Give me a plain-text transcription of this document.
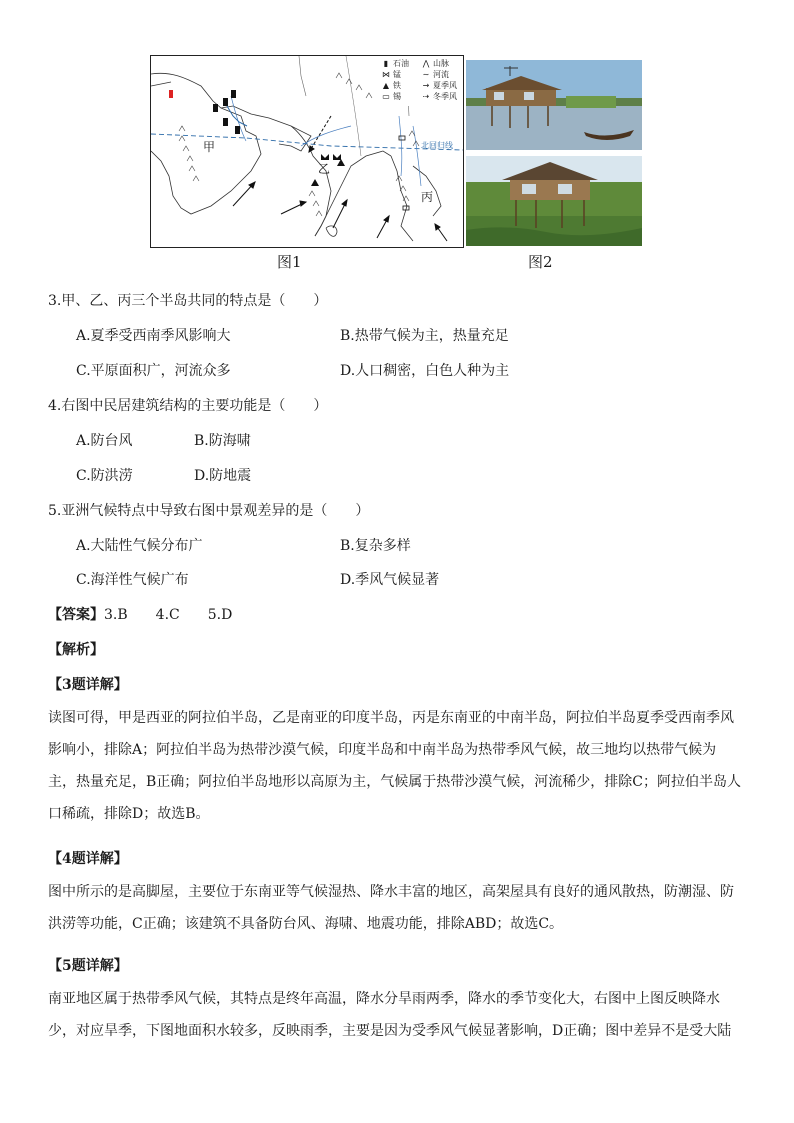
甲
乙
丙
北回归线
▮ 石油 ⋀ 山脉
⋈ 锰	∼ 河流
▲ 铁	→ 夏季风
▭ 锡	⇢ 冬季风
图1	图2
3.甲、乙、丙三个半岛共同的特点是（　　）
A.夏季受西南季风影响大	B.热带气候为主，热量充足
C.平原面积广，河流众多	D.人口稠密，白色人种为主
4.右图中民居建筑结构的主要功能是（　　）
A.防台风	B.防海啸
C.防洪涝	D.防地震
5.亚洲气候特点中导致右图中景观差异的是（　　）
A.大陆性气候分布广	B.复杂多样
C.海洋性气候广布	D.季风气候显著
【答案】3.B 4.C 5.D
【解析】
【3题详解】
读图可得，甲是西亚的阿拉伯半岛，乙是南亚的印度半岛，丙是东南亚的中南半岛，阿拉伯半岛夏季受西南季风
影响小，排除A；阿拉伯半岛为热带沙漠气候，印度半岛和中南半岛为热带季风气候，故三地均以热带气候为
主，热量充足，B正确；阿拉伯半岛地形以高原为主，气候属于热带沙漠气候，河流稀少，排除C；阿拉伯半岛人
口稀疏，排除D；故选B。
【4题详解】
图中所示的是高脚屋，主要位于东南亚等气候湿热、降水丰富的地区，高架屋具有良好的通风散热，防潮湿、防
洪涝等功能，C正确；该建筑不具备防台风、海啸、地震功能，排除ABD；故选C。
【5题详解】
南亚地区属于热带季风气候，其特点是终年高温，降水分旱雨两季，降水的季节变化大，右图中上图反映降水
少，对应旱季，下图地面积水较多，反映雨季，主要是因为受季风气候显著影响，D正确；图中差异不是受大陆
